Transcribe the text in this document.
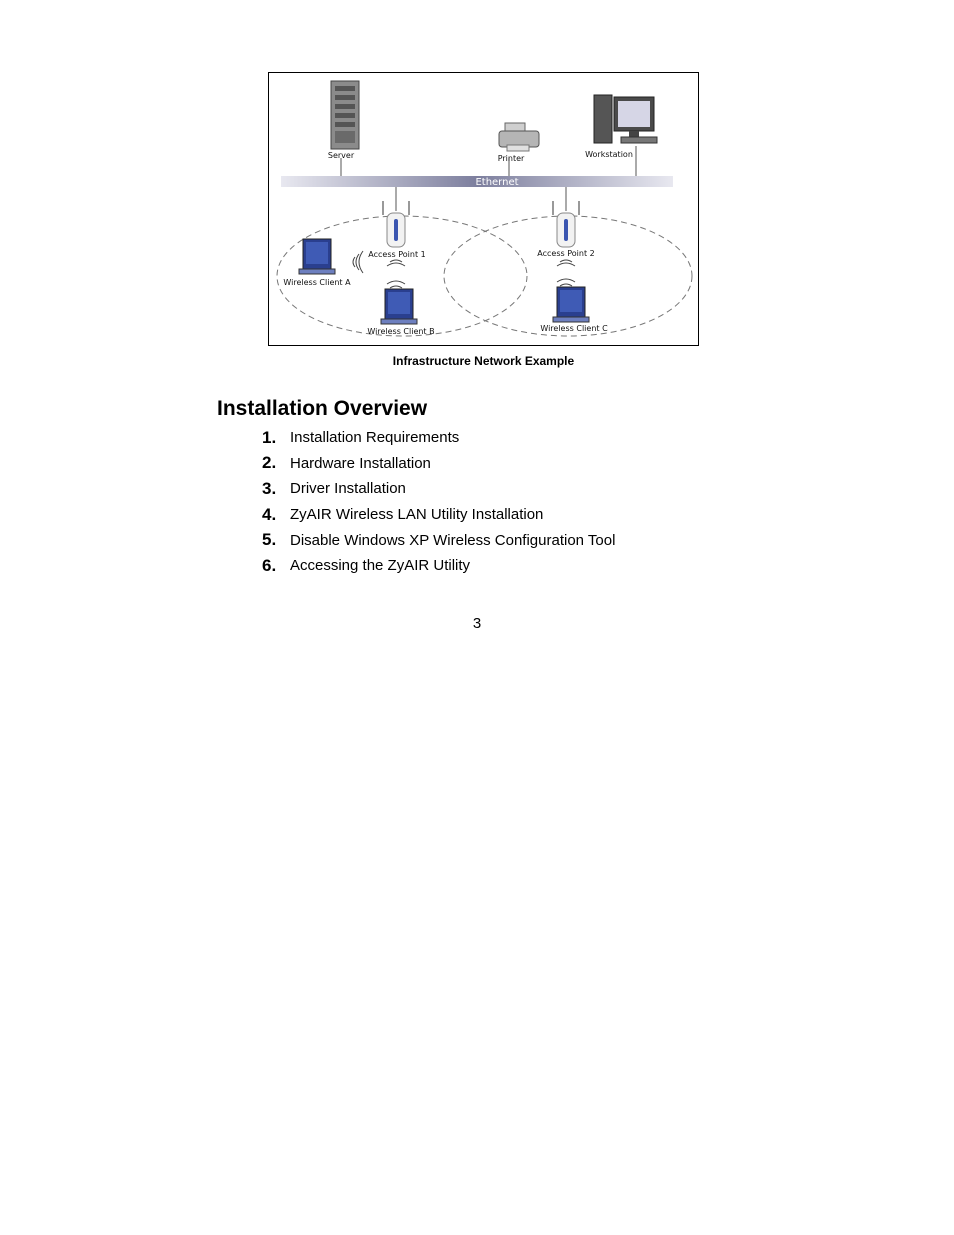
Ethernet
Server	Printer	Workstation
Access Point 1	Access Point 2
Wireless Client A
Wireless Client B	Wireless Client C
Infrastructure Network Example
Installation Overview
1. Installation Requirements
2. Hardware Installation
3. Driver Installation
4. ZyAIR Wireless LAN Utility Installation
5. Disable Windows XP Wireless Configuration Tool
6. Accessing the ZyAIR Utility
3
